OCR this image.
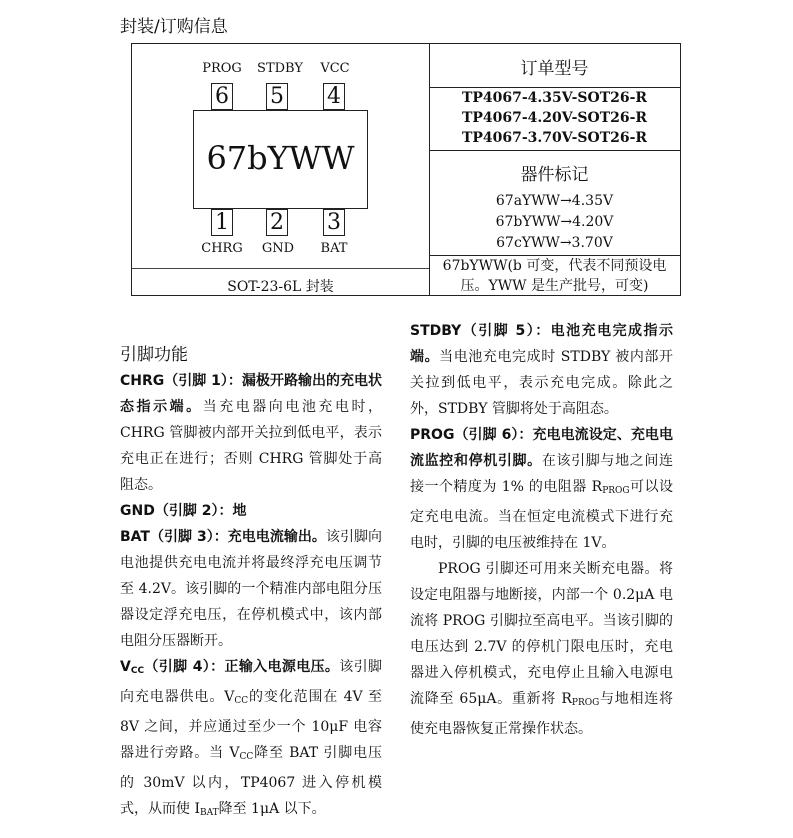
封装/订购信息
PROG	STDBY	VCC
6 5 4
67bYWW
1 2 3
CHRG	GND	BAT
SOT-23-6L 封装
订单型号
TP4067-4.35V-SOT26-R
TP4067-4.20V-SOT26-R
TP4067-3.70V-SOT26-R
器件标记
67aYWW→4.35V
67bYWW→4.20V
67cYWW→3.70V
67bYWW(b 可变，代表不同预设电
压。YWW 是生产批号，可变)
引脚功能

CHRG（引脚 1）：漏极开路输出的充电状态指示端。当充电器向电池充电时，CHRG 管脚被内部开关拉到低电平，表示充电正在进行；否则 CHRG 管脚处于高阻态。

GND（引脚 2）：地

BAT（引脚 3）：充电电流输出。该引脚向电池提供充电电流并将最终浮充电压调节至 4.2V。该引脚的一个精准内部电阻分压器设定浮充电压，在停机模式中，该内部电阻分压器断开。

$V_{CC}$（引脚 4）：正输入电源电压。该引脚向充电器供电。$V_{CC}$的变化范围在 4V 至 8V 之间，并应通过至少一个 10μF 电容器进行旁路。当 $V_{CC}$降至 BAT 引脚电压的 30mV 以内，TP4067 进入停机模式，从而使 $I_{BAT}$降至 1μA 以下。

STDBY（引脚 5）：电池充电完成指示端。当电池充电完成时 STDBY 被内部开关拉到低电平，表示充电完成。除此之外，STDBY 管脚将处于高阻态。

PROG（引脚 6）：充电电流设定、充电电流监控和停机引脚。在该引脚与地之间连接一个精度为 1% 的电阻器 $R_{PROG}$可以设定充电电流。当在恒定电流模式下进行充电时，引脚的电压被维持在 1V。

PROG 引脚还可用来关断充电器。将设定电阻器与地断接，内部一个 0.2μA 电流将 PROG 引脚拉至高电平。当该引脚的电压达到 2.7V 的停机门限电压时，充电器进入停机模式，充电停止且输入电源电流降至 65μA。重新将 $R_{PROG}$与地相连将使充电器恢复正常操作状态。
